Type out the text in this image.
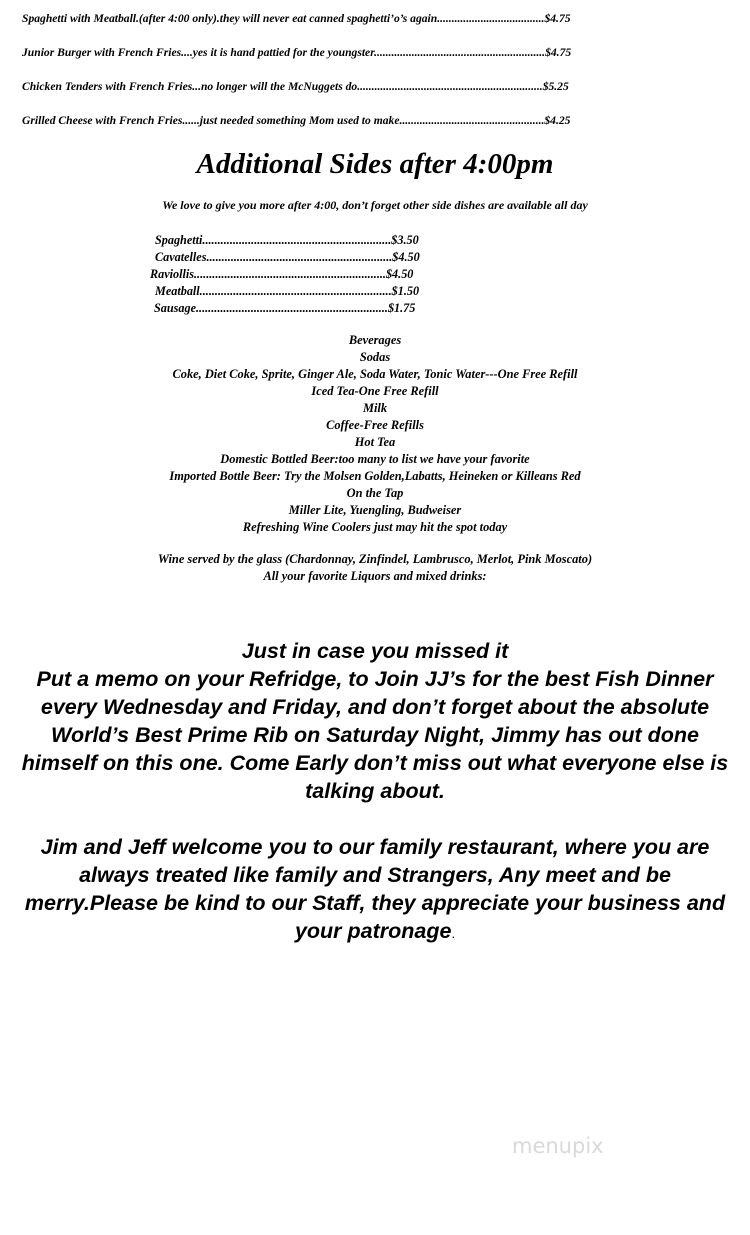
Spaghetti with Meatball.(after 4:00 only).they will never eat canned spaghetti’o’s again.....................................$4.75
Junior Burger with French Fries....yes it is hand pattied for the youngster...........................................................$4.75
Chicken Tenders with French Fries...no longer will the McNuggets do................................................................$5.25
Grilled Cheese with French Fries......just needed something Mom used to make..................................................$4.25
Additional Sides after 4:00pm
We love to give you more after 4:00, don’t forget other side dishes are available all day
Spaghetti..............................................................$3.50
Cavatelles.............................................................$4.50
Raviollis...............................................................$4.50
Meatball...............................................................$1.50
Sausage...............................................................$1.75
Beverages
Sodas
Coke, Diet Coke, Sprite, Ginger Ale, Soda Water, Tonic Water---One Free Refill
Iced Tea-One Free Refill
Milk
Coffee-Free Refills
Hot Tea
Domestic Bottled Beer:too many to list we have your favorite
Imported Bottle Beer: Try the Molsen Golden,Labatts, Heineken or Killeans Red
On the Tap
Miller Lite, Yuengling, Budweiser
Refreshing Wine Coolers just may hit the spot today
Wine served by the glass (Chardonnay, Zinfindel, Lambrusco, Merlot, Pink Moscato)
All your favorite Liquors and mixed drinks:
Just in case you missed it
Put a memo on your Refridge, to Join JJ’s for the best Fish Dinner
every Wednesday and Friday, and don’t forget about the absolute
World’s Best Prime Rib on Saturday Night, Jimmy has out done
himself on this one. Come Early don’t miss out what everyone else is
talking about.
Jim and Jeff welcome you to our family restaurant, where you are
always treated like family and Strangers, Any meet and be
merry.Please be kind to our Staff, they appreciate your business and
your patronage.
menupix
